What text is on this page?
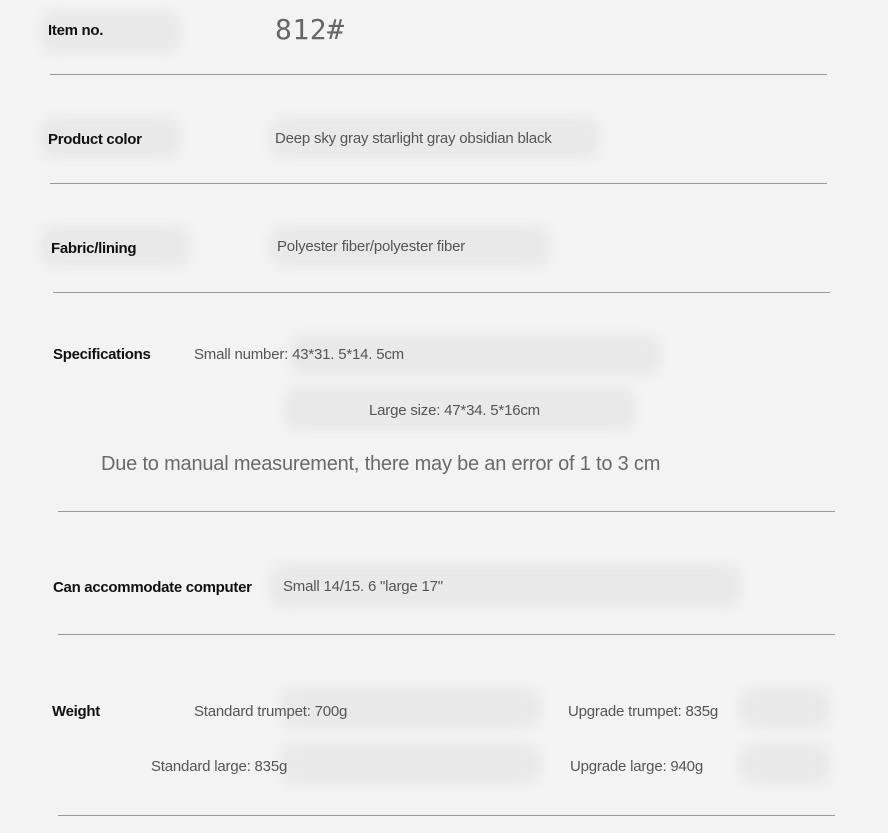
Item no.	812#
Product color	Deep sky gray starlight gray obsidian black
Fabric/lining	Polyester fiber/polyester fiber
Specifications	Small number: 43*31. 5*14. 5cm
Large size: 47*34. 5*16cm
Due to manual measurement, there may be an error of 1 to 3 cm
Can accommodate computer Small 14/15. 6 "large 17"
Weight	Standard trumpet: 700g	Upgrade trumpet: 835g
Standard large: 835g	Upgrade large: 940g
